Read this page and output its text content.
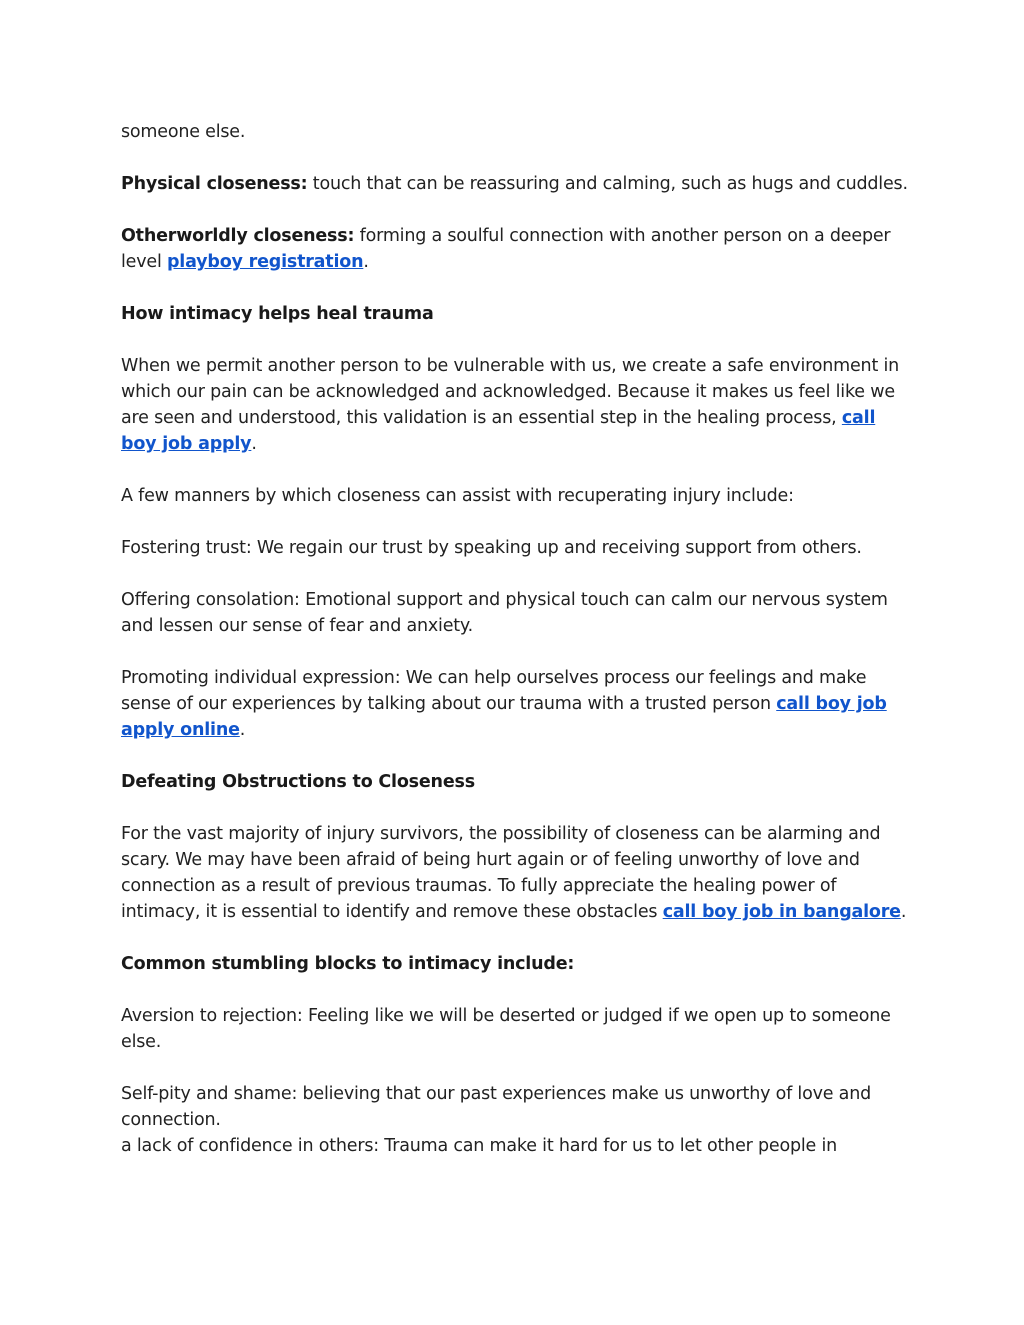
someone else.

Physical closeness: touch that can be reassuring and calming, such as hugs and cuddles.

Otherworldly closeness: forming a soulful connection with another person on a deeper level playboy registration.

How intimacy helps heal trauma

When we permit another person to be vulnerable with us, we create a safe environment in which our pain can be acknowledged and acknowledged. Because it makes us feel like we are seen and understood, this validation is an essential step in the healing process, call boy job apply.

A few manners by which closeness can assist with recuperating injury include:

Fostering trust: We regain our trust by speaking up and receiving support from others.

Offering consolation: Emotional support and physical touch can calm our nervous system and lessen our sense of fear and anxiety.

Promoting individual expression: We can help ourselves process our feelings and make sense of our experiences by talking about our trauma with a trusted person call boy job apply online.

Defeating Obstructions to Closeness

For the vast majority of injury survivors, the possibility of closeness can be alarming and scary. We may have been afraid of being hurt again or of feeling unworthy of love and connection as a result of previous traumas. To fully appreciate the healing power of intimacy, it is essential to identify and remove these obstacles call boy job in bangalore.

Common stumbling blocks to intimacy include:

Aversion to rejection: Feeling like we will be deserted or judged if we open up to someone else.

Self-pity and shame: believing that our past experiences make us unworthy of love and connection.

a lack of confidence in others: Trauma can make it hard for us to let other people in
